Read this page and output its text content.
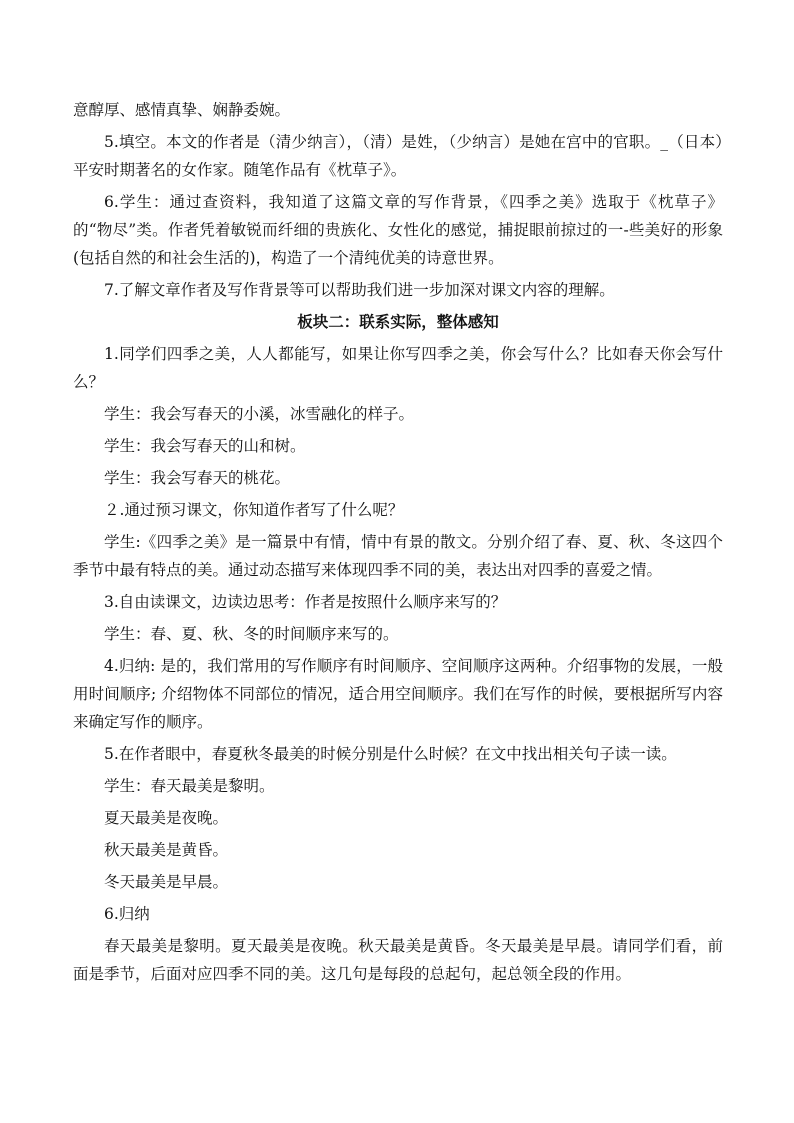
意醇厚、感情真挚、娴静委婉。

5.填空。本文的作者是（清少纳言），（清）是姓，（少纳言）是她在宫中的官职。_（日本）平安时期著名的女作家。随笔作品有《枕草子》。

6.学生：通过查资料，我知道了这篇文章的写作背景，《四季之美》选取于《枕草子》的“物尽”类。作者凭着敏锐而纤细的贵族化、女性化的感觉，捕捉眼前掠过的一-些美好的形象(包括自然的和社会生活的)，构造了一个清纯优美的诗意世界。

7.了解文章作者及写作背景等可以帮助我们进一步加深对课文内容的理解。

板块二：联系实际，整体感知

1.同学们四季之美，人人都能写，如果让你写四季之美，你会写什么？比如春天你会写什么？

学生：我会写春天的小溪，冰雪融化的样子。

学生：我会写春天的山和树。

学生：我会写春天的桃花。

２.通过预习课文，你知道作者写了什么呢？

学生:《四季之美》是一篇景中有情，情中有景的散文。分别介绍了春、夏、秋、冬这四个季节中最有特点的美。通过动态描写来体现四季不同的美，表达出对四季的喜爱之情。

3.自由读课文，边读边思考：作者是按照什么顺序来写的？

学生：春、夏、秋、冬的时间顺序来写的。

4.归纳: 是的，我们常用的写作顺序有时间顺序、空间顺序这两种。介绍事物的发展，一般用时间顺序; 介绍物体不同部位的情况，适合用空间顺序。我们在写作的时候，要根据所写内容来确定写作的顺序。

5.在作者眼中，春夏秋冬最美的时候分别是什么时候？在文中找出相关句子读一读。

学生：春天最美是黎明。

夏天最美是夜晚。

秋天最美是黄昏。

冬天最美是早晨。

6.归纳

春天最美是黎明。夏天最美是夜晚。秋天最美是黄昏。冬天最美是早晨。请同学们看，前面是季节，后面对应四季不同的美。这几句是每段的总起句，起总领全段的作用。
